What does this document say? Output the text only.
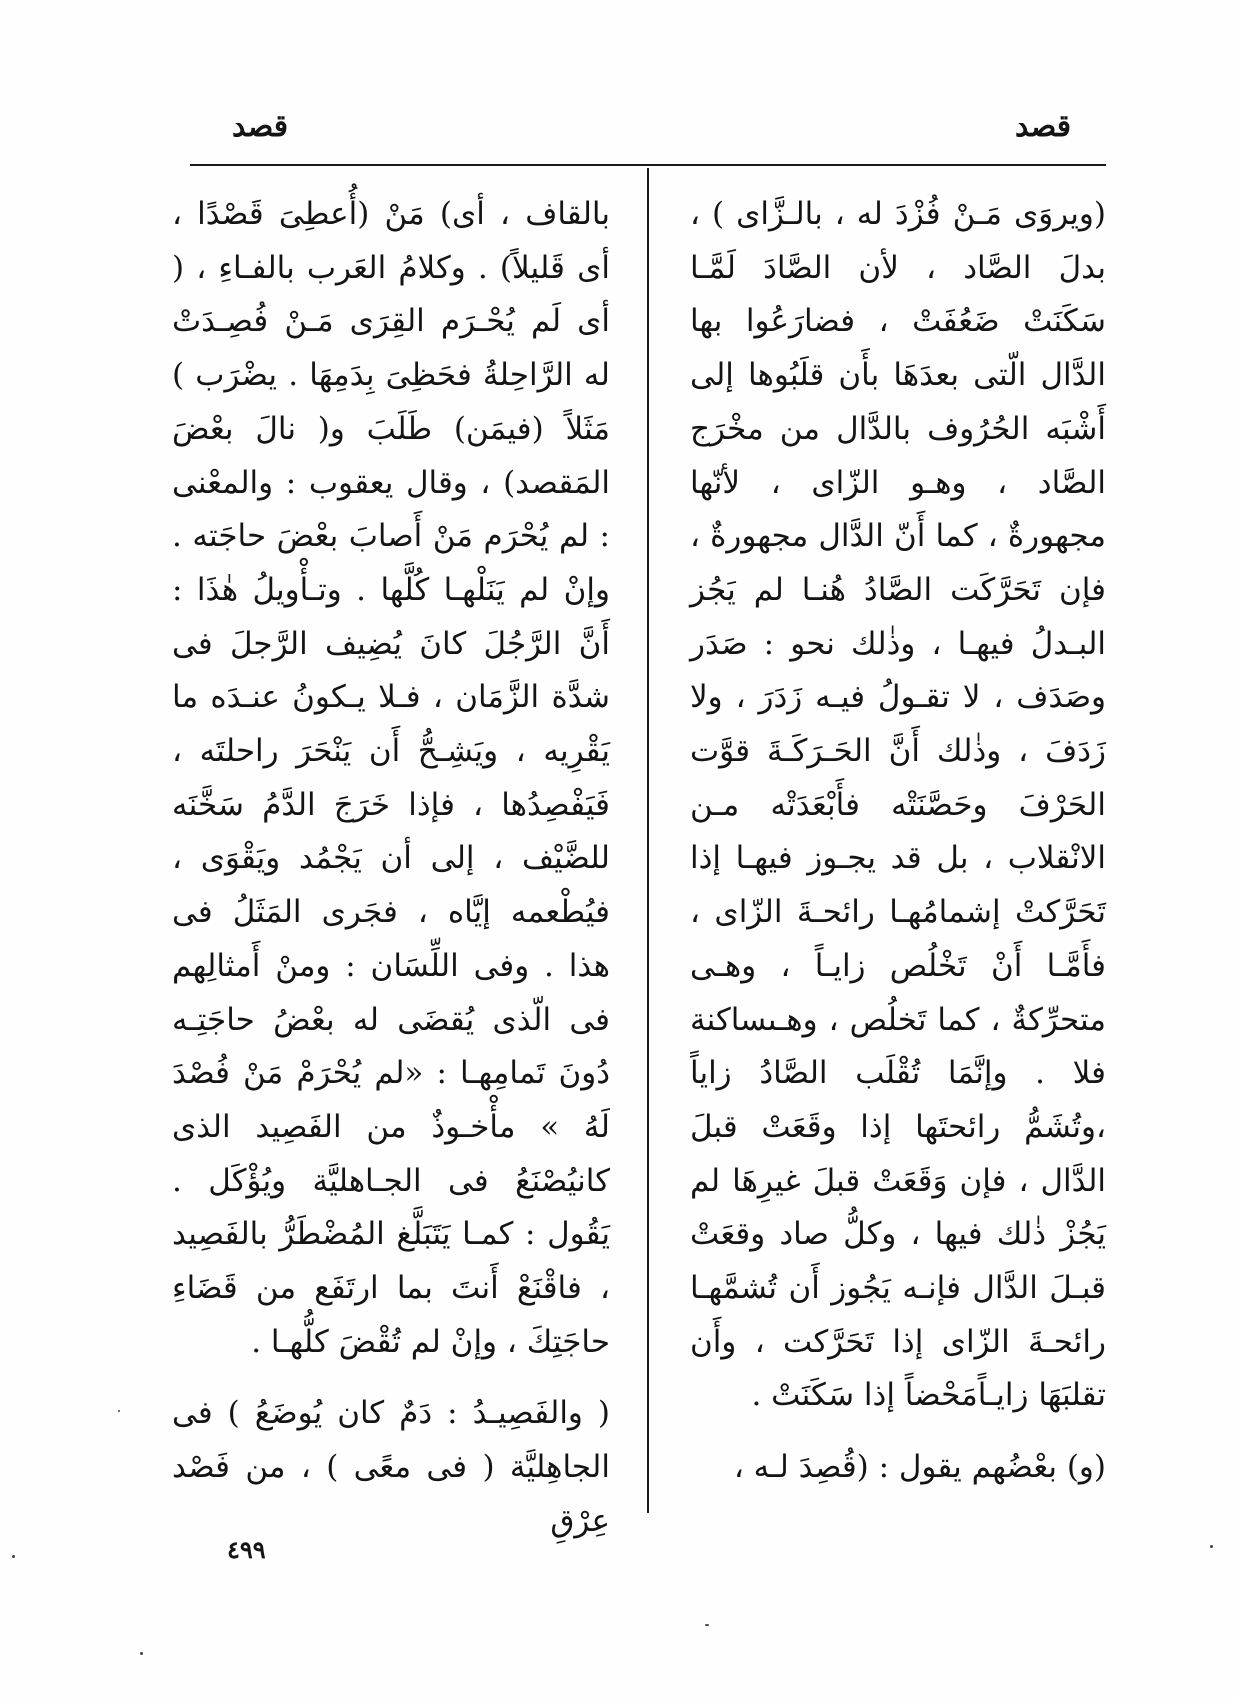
قصد
قصد

(ويروَى مَـنْ فُزْدَ له ، بالـزَّاى ) ، بدلَ الصَّاد ، لأن الصَّادَ لَمَّـا سَكَنَتْ ضَعُفَتْ ، فضارَعُوا بها الدَّال الّتى بعدَهَا بأَن قلَبُوها إلى أَشْبَه الحُرُوف بالدَّال من مخْرَج الصَّاد ، وهـو الزّاى ، لأنّها مجهورةٌ ، كما أَنّ الدَّال مجهورةٌ ، فإن تَحَرَّكَت الصَّادُ هُنـا لم يَجُز البـدلُ فيهـا ، وذٰلك نحو : صَدَر وصَدَف ، لا تقـولُ فيـه زَدَرَ ، ولا زَدَفَ ، وذٰلك أَنَّ الحَـرَكَـةَ قوَّت الحَرْفَ وحَصَّنَتْه فأَبْعَدَتْه مـن الانْقلاب ، بل قد يجـوز فيهـا إذا تَحَرَّكتْ إشمامُهـا رائحـةَ الزّاى ، فأَمَّـا أَنْ تَخْلُص زايـاً ، وهـى متحرِّكةٌ ، كما تَخلُص ، وهـىساكنة فلا . وإنَّمَا تُقْلَب الصَّادُ زاياً ،وتُشَمُّ رائحتَها إذا وقَعَتْ قبلَ الدَّال ، فإن وَقَعَتْ قبلَ غيرِهَا لم يَجُزْ ذٰلك فيها ، وكلُّ صاد وقعَتْ قبـلَ الدَّال فإنـه يَجُوز أَن تُشمَّهـا رائحـةَ الزّاى إذا تَحَرَّكت ، وأَن تقلبَهَا زايـاًمَحْضاً إذا سَكَنَتْ .

(و) بعْضُهم يقول : (قُصِدَ لـه ،

بالقاف ، أى) مَنْ (أُعطِىَ قَصْدًا ، أى قَليلاً) . وكلامُ العَرب بالفـاءِ ، ( أى لَم يُحْـرَم القِرَى مَـنْ فُصِـدَتْ له الرَّاحِلةُ فحَظِىَ بِدَمِهَا . يضْرَب ) مَثَلاً (فيمَن) طَلَبَ و( نالَ بعْضَ المَقصد) ، وقال يعقوب : والمعْنى : لم يُحْرَم مَنْ أَصابَ بعْضَ حاجَته . وإنْ لم يَنَلْهـا كُلَّها . وتـأْويلُ هٰذَا : أَنَّ الرَّجُلَ كانَ يُضِيف الرَّجلَ فى شدَّة الزَّمَان ، فـلا يـكونُ عنـدَه ما يَقْرِيه ، ويَشِـحُّ أَن يَنْحَرَ راحلتَه ، فَيَفْصِدُها ، فإذا خَرَجَ الدَّمُ سَخَّنَه للضَّيْف ، إلى أن يَجْمُد ويَقْوَى ، فيُطْعمه إيَّاه ، فجَرى المَثَلُ فى هذا . وفى اللِّسَان : ومنْ أَمثالِهم فى الّذى يُقضَى له بعْضُ حاجَتِـه دُونَ تَمامِهـا : «لم يُحْرَمْ مَنْ فُصْدَ لَهُ » مأْخـوذٌ من الفَصِيد الذى كانيُصْنَعُ فى الجـاهليَّة ويُؤْكَل . يَقُول : كمـا يَتَبَلَّغ المُضْطَرُّ بالفَصِيد ، فاقْنَعْ أَنتَ بما ارتَفَع من قَضَاءِ حاجَتِكَ ، وإنْ لم تُقْضَ كلُّهـا .

( والفَصِيـدُ : دَمٌ كان يُوضَعُ ) فى الجاهِليَّة ( فى معًى ) ، من فَصْد عِرْقِ

٤٩٩
